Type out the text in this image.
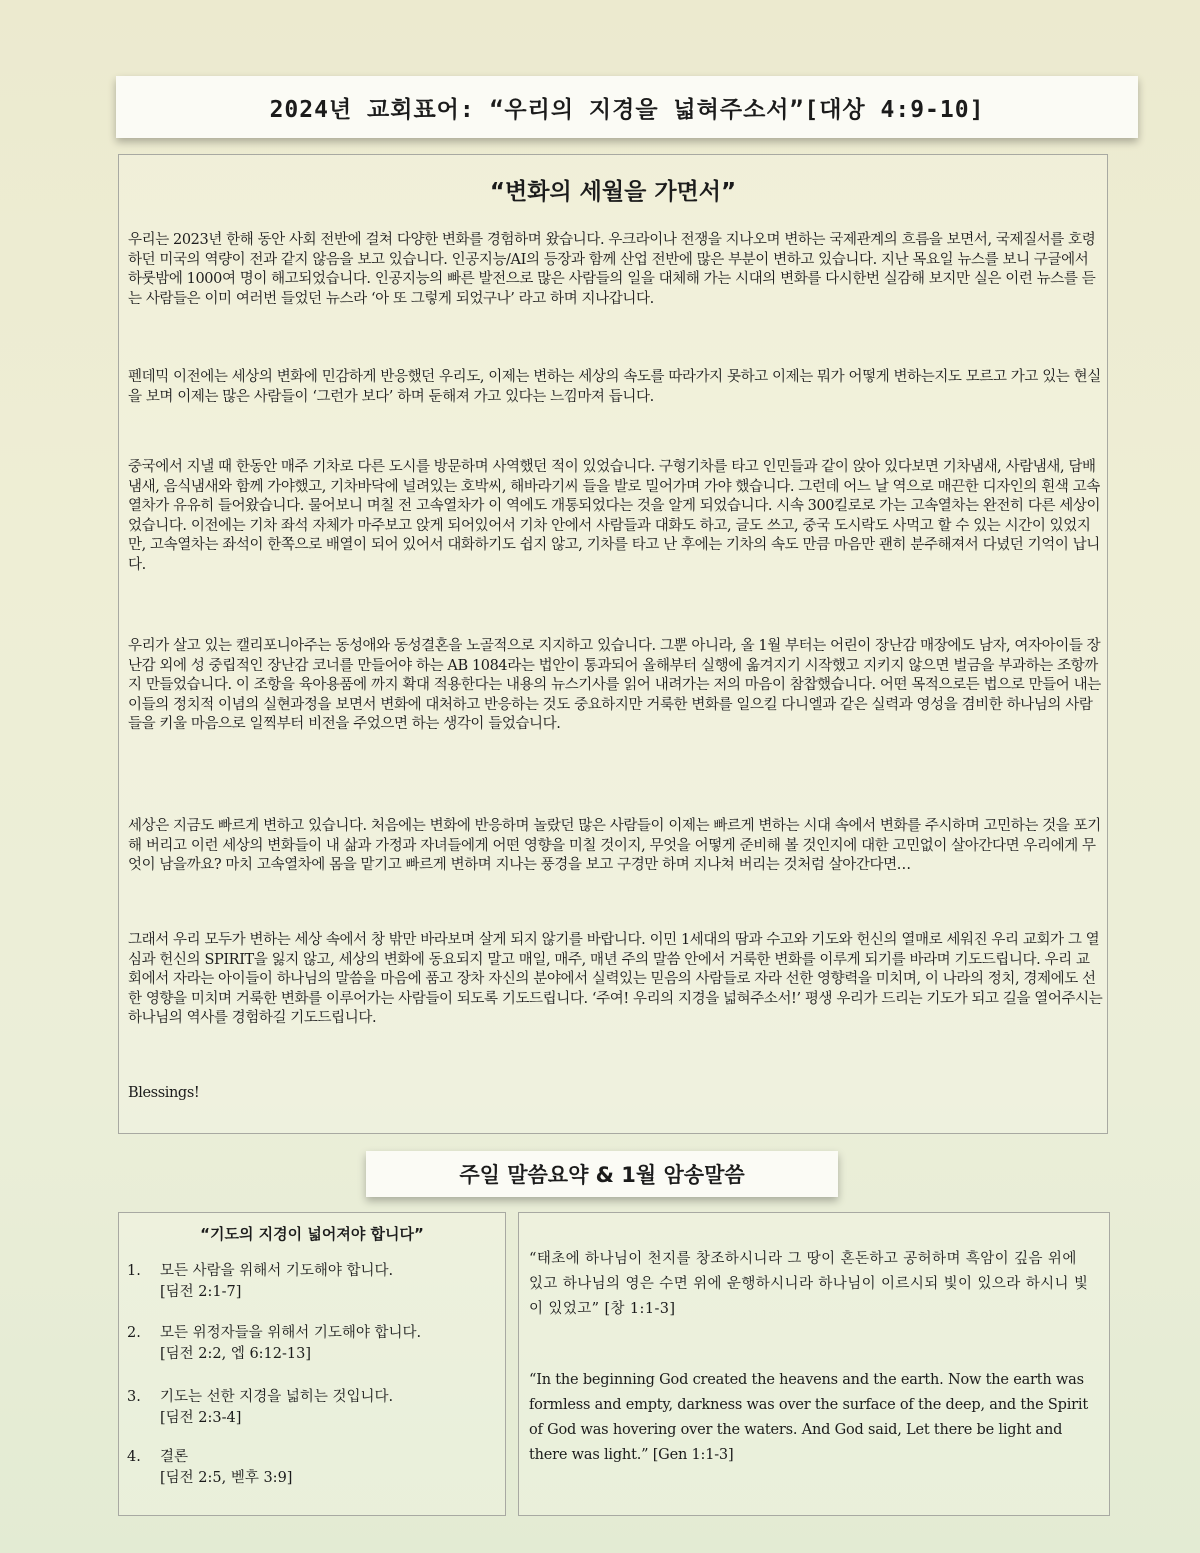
2024년 교회표어: “우리의 지경을 넓혀주소서”[대상 4:9-10]
“변화의 세월을 가면서”

우리는 2023년 한해 동안 사회 전반에 걸쳐 다양한 변화를 경험하며 왔습니다. 우크라이나 전쟁을 지나오며 변하는 국제관계의 흐름을 보면서, 국제질서를 호령하던 미국의 역량이 전과 같지 않음을 보고 있습니다. 인공지능/AI의 등장과 함께 산업 전반에 많은 부분이 변하고 있습니다. 지난 목요일 뉴스를 보니 구글에서 하룻밤에 1000여 명이 해고되었습니다. 인공지능의 빠른 발전으로 많은 사람들의 일을 대체해 가는 시대의 변화를 다시한번 실감해 보지만 실은 이런 뉴스를 듣는 사람들은 이미 여러번 들었던 뉴스라 ‘아 또 그렇게 되었구나’ 라고 하며 지나갑니다.

펜데믹 이전에는 세상의 변화에 민감하게 반응했던 우리도, 이제는 변하는 세상의 속도를 따라가지 못하고 이제는 뭐가 어떻게 변하는지도 모르고 가고 있는 현실을 보며 이제는 많은 사람들이 ‘그런가 보다’ 하며 둔해져 가고 있다는 느낌마져 듭니다.

중국에서 지낼 때 한동안 매주 기차로 다른 도시를 방문하며 사역했던 적이 있었습니다. 구형기차를 타고 인민들과 같이 앉아 있다보면 기차냄새, 사람냄새, 담배냄새, 음식냄새와 함께 가야했고, 기차바닥에 널려있는 호박씨, 해바라기씨 들을 발로 밀어가며 가야 했습니다. 그런데 어느 날 역으로 매끈한 디자인의 흰색 고속열차가 유유히 들어왔습니다. 물어보니 며칠 전 고속열차가 이 역에도 개통되었다는 것을 알게 되었습니다. 시속 300킬로로 가는 고속열차는 완전히 다른 세상이었습니다. 이전에는 기차 좌석 자체가 마주보고 앉게 되어있어서 기차 안에서 사람들과 대화도 하고, 글도 쓰고, 중국 도시락도 사먹고 할 수 있는 시간이 있었지만, 고속열차는 좌석이 한쪽으로 배열이 되어 있어서 대화하기도 쉽지 않고, 기차를 타고 난 후에는 기차의 속도 만큼 마음만 괜히 분주해져서 다녔던 기억이 납니다.

우리가 살고 있는 캘리포니아주는 동성애와 동성결혼을 노골적으로 지지하고 있습니다. 그뿐 아니라, 올 1월 부터는 어린이 장난감 매장에도 남자, 여자아이들 장난감 외에 성 중립적인 장난감 코너를 만들어야 하는 AB 1084라는 법안이 통과되어 올해부터 실행에 옮겨지기 시작했고 지키지 않으면 벌금을 부과하는 조항까지 만들었습니다. 이 조항을 육아용품에 까지 확대 적용한다는 내용의 뉴스기사를 읽어 내려가는 저의 마음이 참찹했습니다. 어떤 목적으로든 법으로 만들어 내는 이들의 정치적 이념의 실현과정을 보면서 변화에 대처하고 반응하는 것도 중요하지만 거룩한 변화를 일으킬 다니엘과 같은 실력과 영성을 겸비한 하나님의 사람들을 키울 마음으로 일찍부터 비전을 주었으면 하는 생각이 들었습니다.

세상은 지금도 빠르게 변하고 있습니다. 처음에는 변화에 반응하며 놀랐던 많은 사람들이 이제는 빠르게 변하는 시대 속에서 변화를 주시하며 고민하는 것을 포기해 버리고 이런 세상의 변화들이 내 삶과 가정과 자녀들에게 어떤 영향을 미칠 것이지, 무엇을 어떻게 준비해 볼 것인지에 대한 고민없이 살아간다면 우리에게 무엇이 남을까요? 마치 고속열차에 몸을 맡기고 빠르게 변하며 지나는 풍경을 보고 구경만 하며 지나쳐 버리는 것처럼 살아간다면…

그래서 우리 모두가 변하는 세상 속에서 창 밖만 바라보며 살게 되지 않기를 바랍니다. 이민 1세대의 땀과 수고와 기도와 헌신의 열매로 세워진 우리 교회가 그 열심과 헌신의 SPIRIT을 잃지 않고, 세상의 변화에 동요되지 말고 매일, 매주, 매년 주의 말씀 안에서 거룩한 변화를 이루게 되기를 바라며 기도드립니다. 우리 교회에서 자라는 아이들이 하나님의 말씀을 마음에 품고 장차 자신의 분야에서 실력있는 믿음의 사람들로 자라 선한 영향력을 미치며, 이 나라의 정치, 경제에도 선한 영향을 미치며 거룩한 변화를 이루어가는 사람들이 되도록 기도드립니다. ‘주여! 우리의 지경을 넓혀주소서!’ 평생 우리가 드리는 기도가 되고 길을 열어주시는 하나님의 역사를 경험하길 기도드립니다.

Blessings!

주일 말씀요약 & 1월 암송말씀
“기도의 지경이 넓어져야 합니다”
1. 모든 사람을 위해서 기도해야 합니다.
[딤전 2:1-7]
2. 모든 위정자들을 위해서 기도해야 합니다.
[딤전 2:2, 엡 6:12-13]
3. 기도는 선한 지경을 넓히는 것입니다.
[딤전 2:3-4]
4. 결론
[딤전 2:5, 벧후 3:9]

“태초에 하나님이 천지를 창조하시니라 그 땅이 혼돈하고 공허하며 흑암이 깊음 위에 있고 하나님의 영은 수면 위에 운행하시니라 하나님이 이르시되 빛이 있으라 하시니 빛이 있었고” [창 1:1-3]

“In the beginning God created the heavens and the earth. Now the earth was formless and empty, darkness was over the surface of the deep, and the Spirit of God was hovering over the waters. And God said, Let there be light and there was light.” [Gen 1:1-3]
